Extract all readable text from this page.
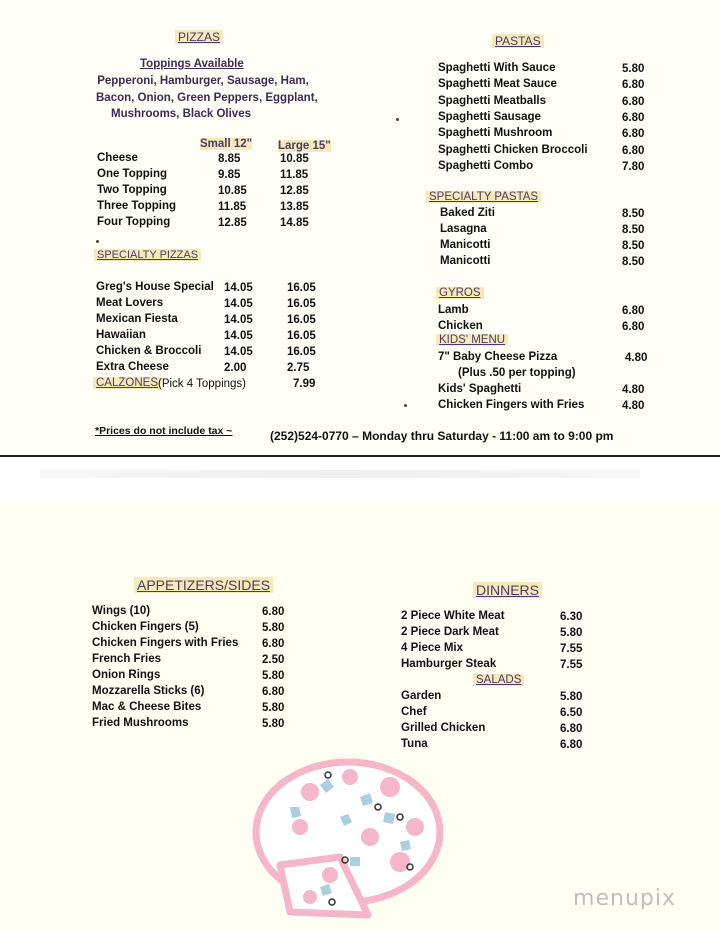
PIZZAS
Toppings Available
Pepperoni, Hamburger, Sausage, Ham,
Bacon, Onion, Green Peppers, Eggplant,
Mushrooms, Black Olives
Small 12" Large 15"
Cheese	8.85	10.85
One Topping	9.85	11.85
Two Topping	10.85	12.85
Three Topping	11.85	13.85
Four Topping	12.85	14.85
SPECIALTY PIZZAS
Greg's House Special 14.05	16.05
Meat Lovers	14.05	16.05
Mexican Fiesta	14.05	16.05
Hawaiian	14.05	16.05
Chicken & Broccoli 14.05	16.05
Extra Cheese	2.00	2.75
CALZONES (Pick 4 Toppings)	7.99
PASTAS
Spaghetti With Sauce	5.80
Spaghetti Meat Sauce	6.80
Spaghetti Meatballs	6.80
Spaghetti Sausage	6.80
Spaghetti Mushroom	6.80
Spaghetti Chicken Broccoli	6.80
Spaghetti Combo	7.80
SPECIALTY PASTAS
Baked Ziti	8.50
Lasagna	8.50
Manicotti	8.50
Manicotti	8.50
GYROS
Lamb	6.80
Chicken	6.80
KIDS' MENU
7" Baby Cheese Pizza	4.80
(Plus .50 per topping)
Kids' Spaghetti	4.80
Chicken Fingers with Fries	4.80
*Prices do not include tax ~	(252)524-0770 – Monday thru Saturday - 11:00 am to 9:00 pm
APPETIZERS/SIDES
Wings (10)	6.80
Chicken Fingers (5)	5.80
Chicken Fingers with Fries 6.80
French Fries	2.50
Onion Rings	5.80
Mozzarella Sticks (6)	6.80
Mac & Cheese Bites	5.80
Fried Mushrooms	5.80
DINNERS
2 Piece White Meat	6.30
2 Piece Dark Meat	5.80
4 Piece Mix	7.55
Hamburger Steak	7.55
SALADS
Garden	5.80
Chef	6.50
Grilled Chicken	6.80
Tuna	6.80
menupix
